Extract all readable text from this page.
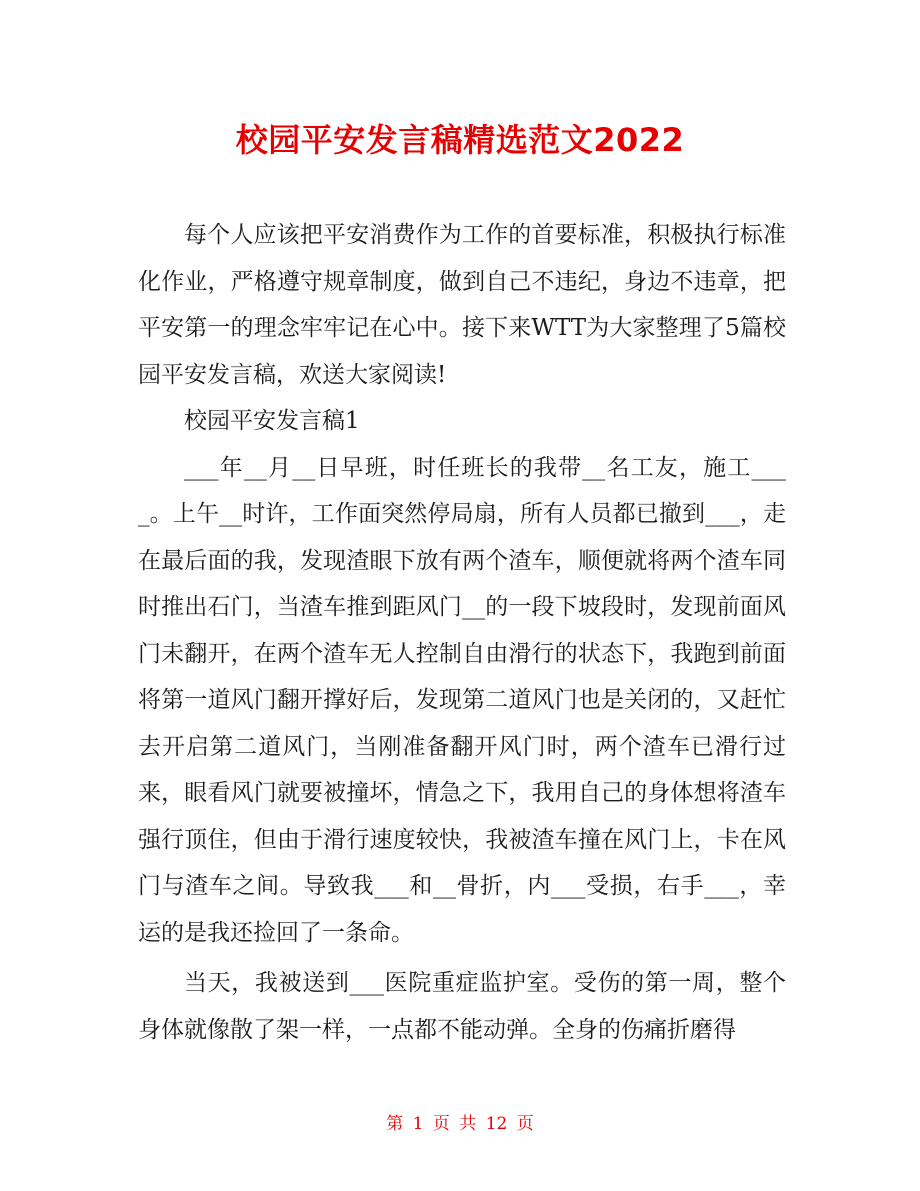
校园平安发言稿精选范文2022

每个人应该把平安消费作为工作的首要标准，积极执行标准化作业，严格遵守规章制度，做到自己不违纪，身边不违章，把平安第一的理念牢牢记在心中。接下来WTT为大家整理了5篇校园平安发言稿，欢送大家阅读!

校园平安发言稿1

___年__月__日早班，时任班长的我带__名工友，施工____。上午__时许，工作面突然停局扇，所有人员都已撤到___，走在最后面的我，发现渣眼下放有两个渣车，顺便就将两个渣车同时推出石门，当渣车推到距风门__的一段下坡段时，发现前面风门未翻开，在两个渣车无人控制自由滑行的状态下，我跑到前面将第一道风门翻开撑好后，发现第二道风门也是关闭的，又赶忙去开启第二道风门，当刚准备翻开风门时，两个渣车已滑行过来，眼看风门就要被撞坏，情急之下，我用自己的身体想将渣车强行顶住，但由于滑行速度较快，我被渣车撞在风门上，卡在风门与渣车之间。导致我___和__骨折，内___受损，右手___，幸运的是我还捡回了一条命。

当天，我被送到___医院重症监护室。受伤的第一周，整个身体就像散了架一样，一点都不能动弹。全身的伤痛折磨得

第 1 页 共 12 页
